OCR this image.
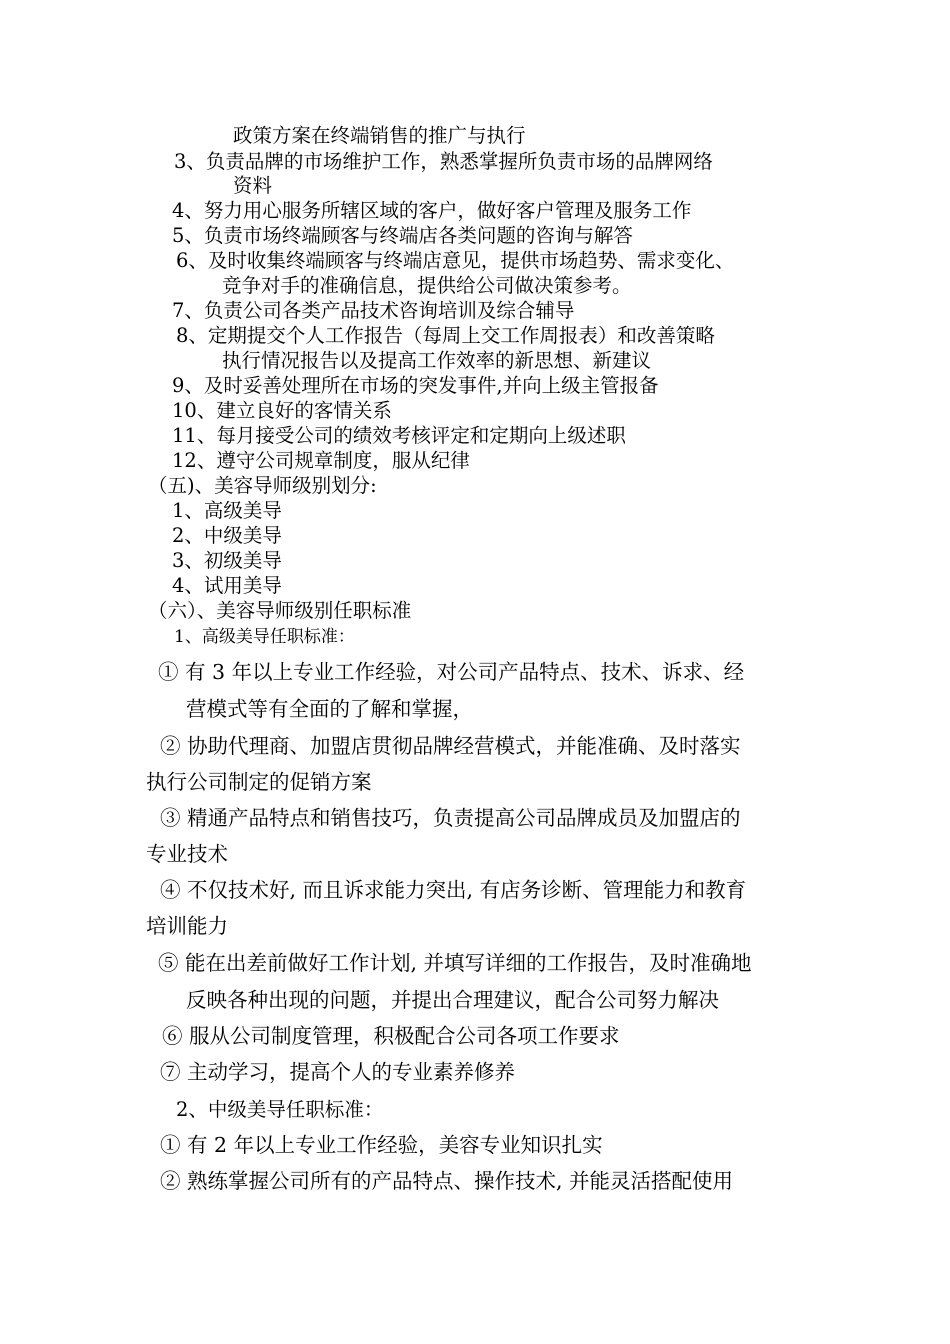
政策方案在终端销售的推广与执行
3、负责品牌的市场维护工作，熟悉掌握所负责市场的品牌网络
资料
4、努力用心服务所辖区域的客户，做好客户管理及服务工作
5、负责市场终端顾客与终端店各类问题的咨询与解答
6、及时收集终端顾客与终端店意见，提供市场趋势、需求变化、
竞争对手的准确信息，提供给公司做决策参考。
7、负责公司各类产品技术咨询培训及综合辅导
8、定期提交个人工作报告（每周上交工作周报表）和改善策略
执行情况报告以及提高工作效率的新思想、新建议
9、及时妥善处理所在市场的突发事件,并向上级主管报备
10、建立良好的客情关系
11、每月接受公司的绩效考核评定和定期向上级述职
12、遵守公司规章制度，服从纪律
（五)、美容导师级别划分:
1、高级美导
2、中级美导
3、初级美导
4、试用美导
（六）、美容导师级别任职标准
1、高级美导任职标准：
① 有 3 年以上专业工作经验，对公司产品特点、技术、诉求、经
营模式等有全面的了解和掌握，
② 协助代理商、加盟店贯彻品牌经营模式，并能准确、及时落实
执行公司制定的促销方案
③ 精通产品特点和销售技巧，负责提高公司品牌成员及加盟店的
专业技术
④ 不仅技术好, 而且诉求能力突出, 有店务诊断、管理能力和教育
培训能力
⑤ 能在出差前做好工作计划, 并填写详细的工作报告，及时准确地
反映各种出现的问题，并提出合理建议，配合公司努力解决
⑥ 服从公司制度管理，积极配合公司各项工作要求
⑦ 主动学习，提高个人的专业素养修养
2、中级美导任职标准：
① 有 2 年以上专业工作经验，美容专业知识扎实
② 熟练掌握公司所有的产品特点、操作技术, 并能灵活搭配使用
